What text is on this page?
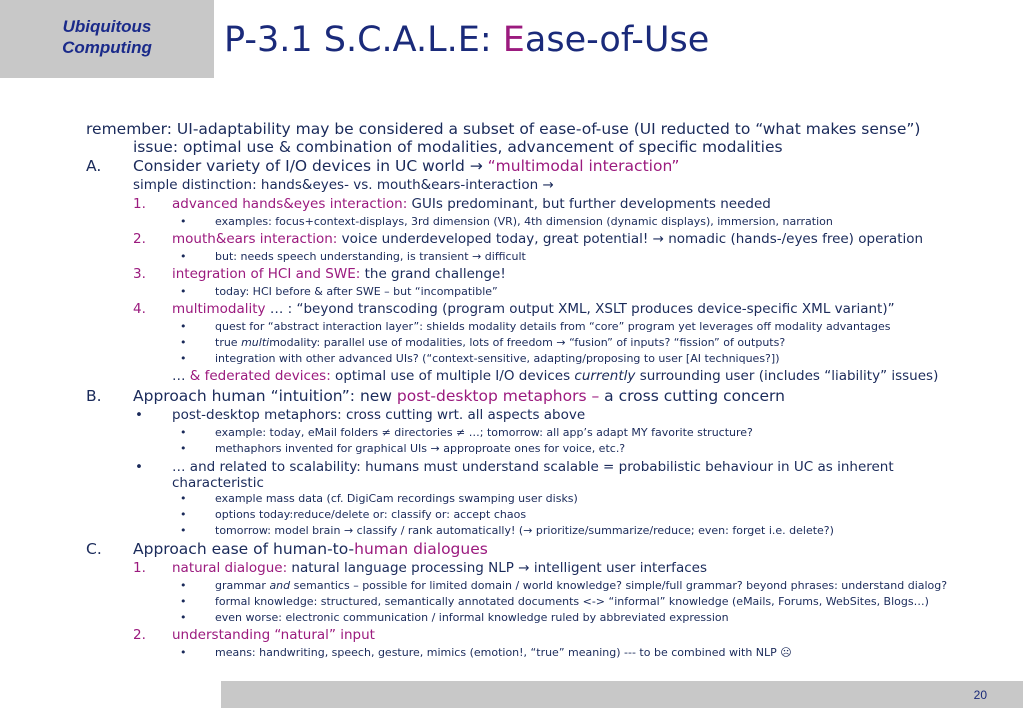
Ubiquitous
Computing	P-3.1 S.C.A.L.E: Ease-of-Use
remember: UI-adaptability may be considered a subset of ease-of-use (UI reducted to “what makes sense”)
issue: optimal use & combination of modalities, advancement of specific modalities
A. Consider variety of I/O devices in UC world → “multimodal interaction”
simple distinction: hands&eyes- vs. mouth&ears-interaction →
1. advanced hands&eyes interaction: GUIs predominant, but further developments needed
•	examples: focus+context-displays, 3rd dimension (VR), 4th dimension (dynamic displays), immersion, narration
2. mouth&ears interaction: voice underdeveloped today, great potential! → nomadic (hands-/eyes free) operation
•	but: needs speech understanding, is transient → difficult
3. integration of HCI and SWE: the grand challenge!
•	today: HCI before & after SWE – but “incompatible”
4. multimodality … : “beyond transcoding (program output XML, XSLT produces device-specific XML variant)”
•	quest for “abstract interaction layer”: shields modality details from “core” program yet leverages off modality advantages
•	true multimodality: parallel use of modalities, lots of freedom → “fusion” of inputs? “fission” of outputs?
•	integration with other advanced UIs? (“context-sensitive, adapting/proposing to user [AI techniques?])
… & federated devices: optimal use of multiple I/O devices currently surrounding user (includes “liability” issues)
B. Approach human “intuition”: new post-desktop metaphors – a cross cutting concern
• post-desktop metaphors: cross cutting wrt. all aspects above
•	example: today, eMail folders ≠ directories ≠ …; tomorrow: all app’s adapt MY favorite structure?
•	methaphors invented for graphical UIs → approproate ones for voice, etc.?
• … and related to scalability: humans must understand scalable = probabilistic behaviour in UC as inherent
characteristic
•	example mass data (cf. DigiCam recordings swamping user disks)
•	options today:reduce/delete or: classify or: accept chaos
•	tomorrow: model brain → classify / rank automatically! (→ prioritize/summarize/reduce; even: forget i.e. delete?)
C. Approach ease of human-to-human dialogues
1. natural dialogue: natural language processing NLP → intelligent user interfaces
•	grammar and semantics – possible for limited domain / world knowledge? simple/full grammar? beyond phrases: understand dialog?
•	formal knowledge: structured, semantically annotated documents <-> “informal” knowledge (eMails, Forums, WebSites, Blogs…)
•	even worse: electronic communication / informal knowledge ruled by abbreviated expression
2. understanding “natural” input
•	means: handwriting, speech, gesture, mimics (emotion!, “true” meaning) --- to be combined with NLP ☹
20
